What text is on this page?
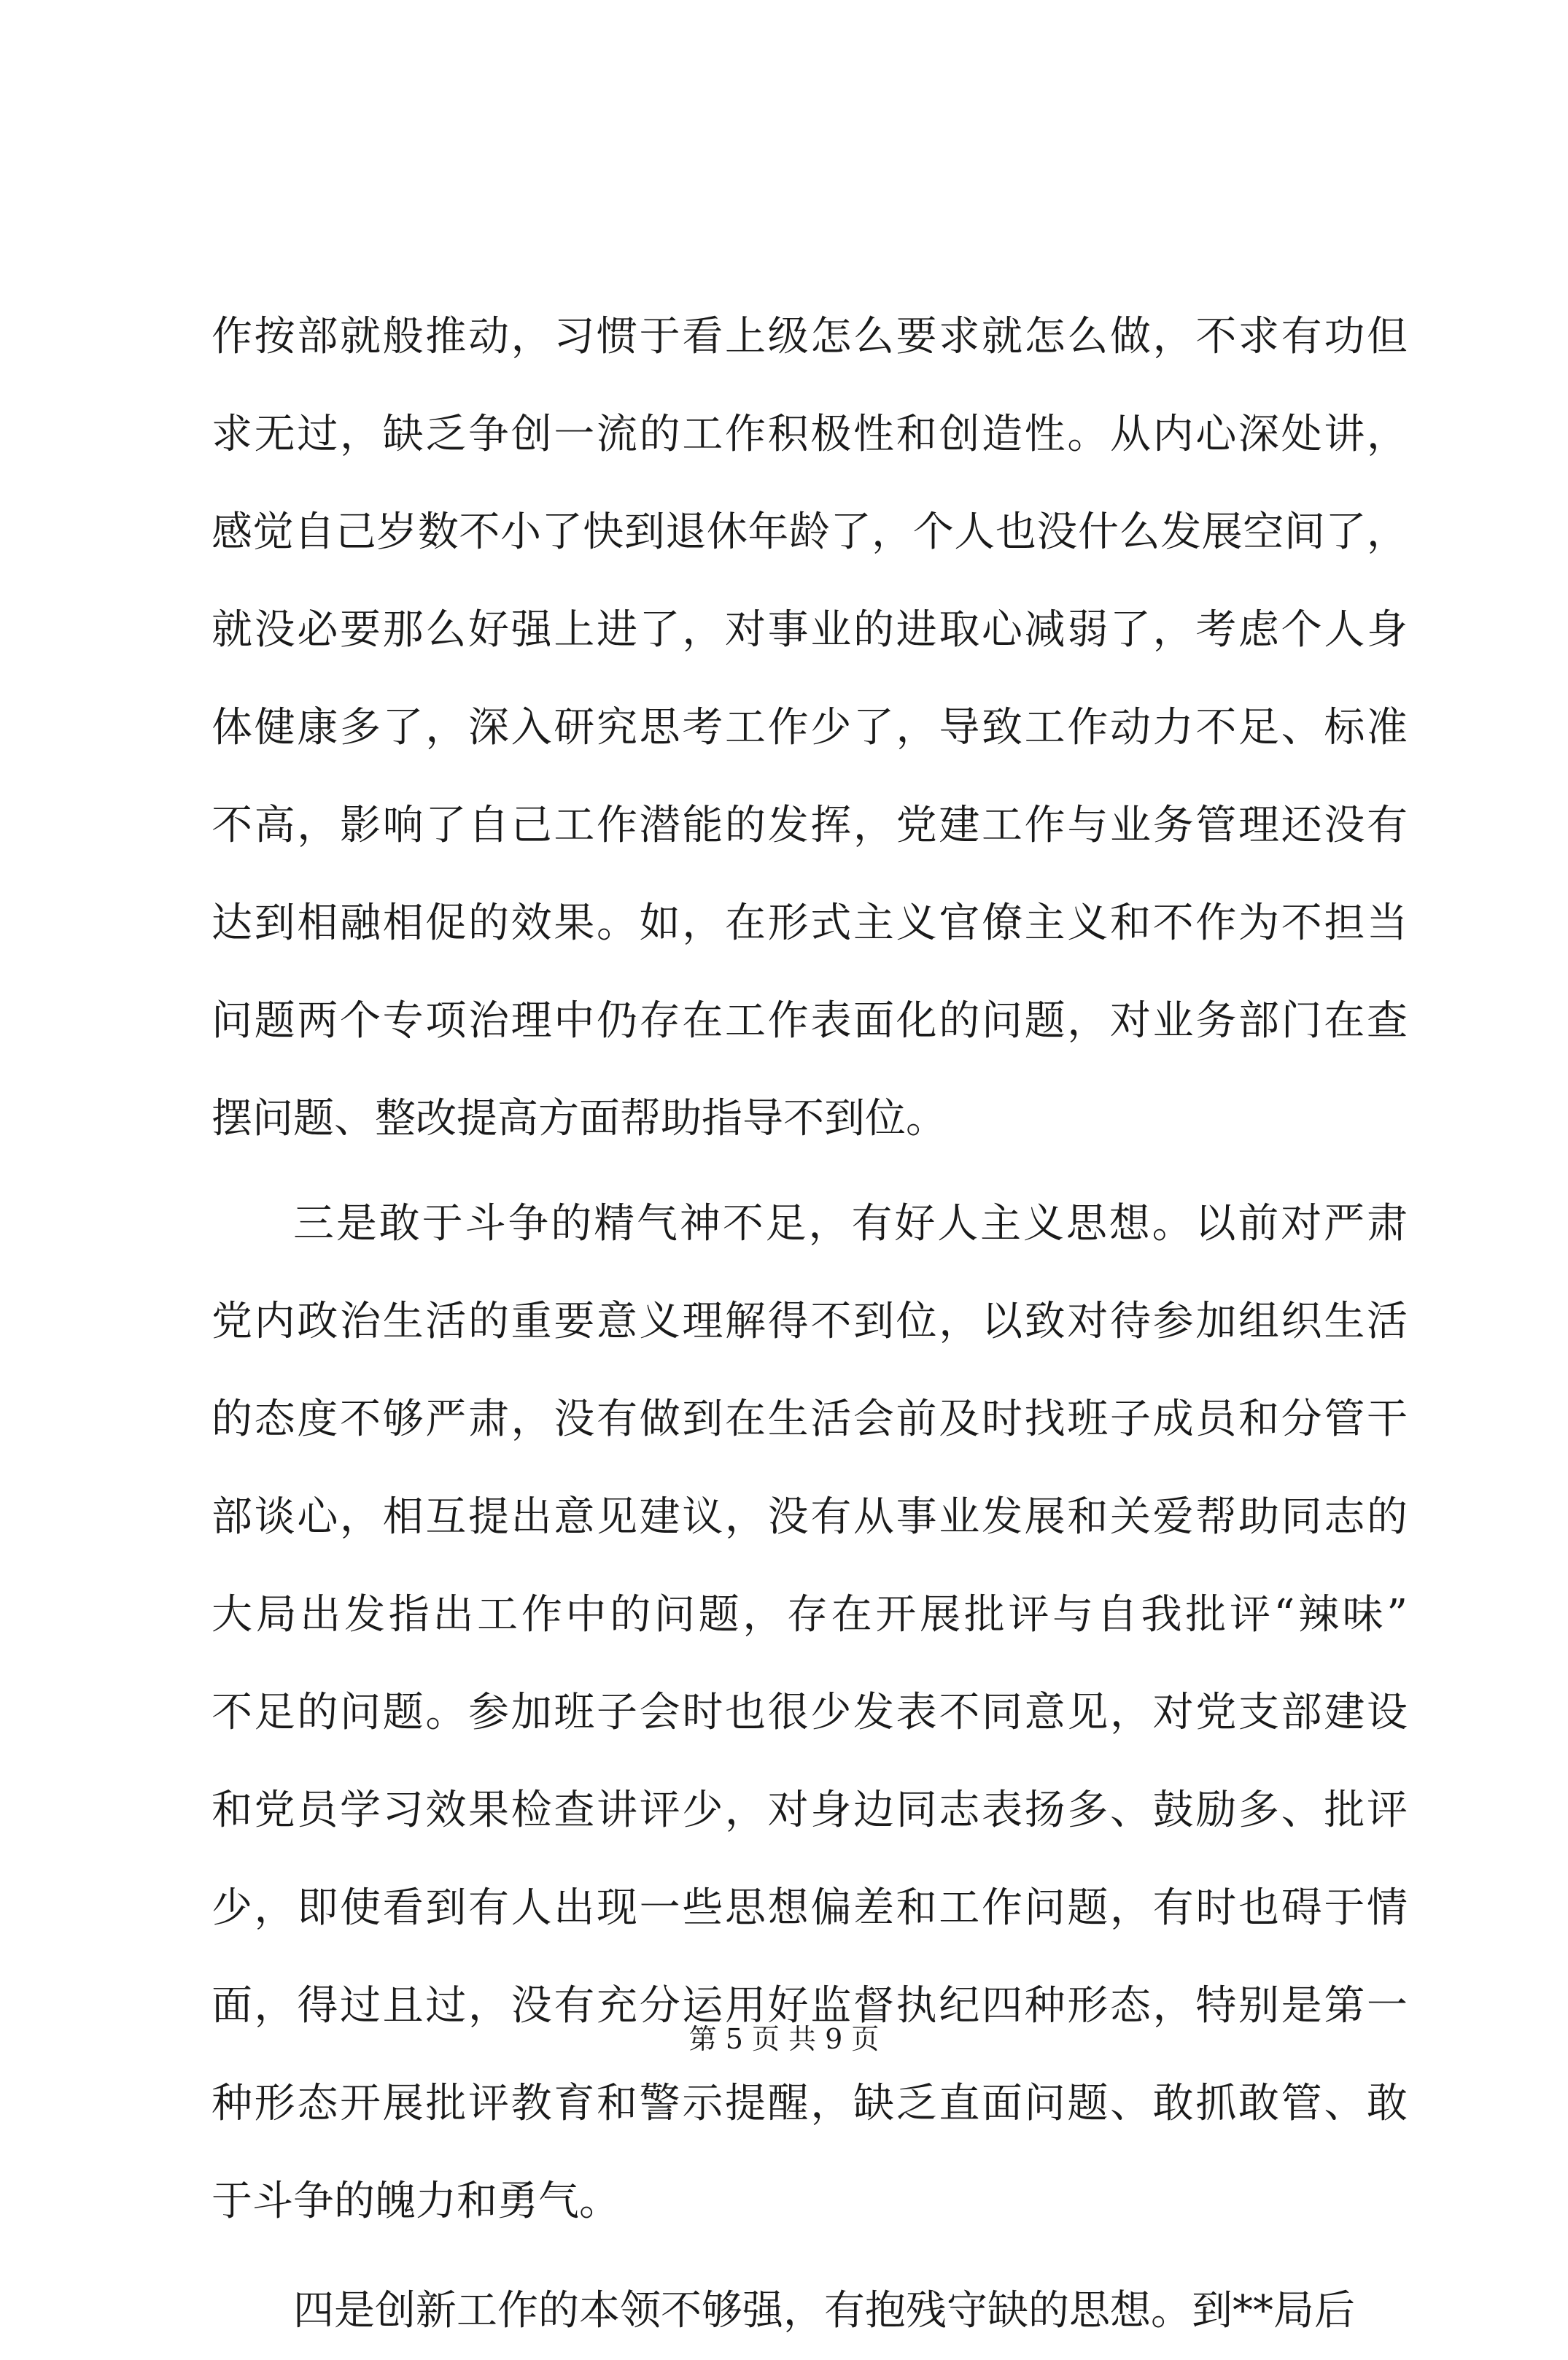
作按部就般推动，习惯于看上级怎么要求就怎么做，不求有功但
求无过，缺乏争创一流的工作积极性和创造性。从内心深处讲，
感觉自己岁数不小了快到退休年龄了，个人也没什么发展空间了，
就没必要那么好强上进了，对事业的进取心减弱了，考虑个人身
体健康多了，深入研究思考工作少了，导致工作动力不足、标准
不高，影响了自己工作潜能的发挥，党建工作与业务管理还没有
达到相融相促的效果。如，在形式主义官僚主义和不作为不担当
问题两个专项治理中仍存在工作表面化的问题，对业务部门在查
摆问题、整改提高方面帮助指导不到位。
三是敢于斗争的精气神不足，有好人主义思想。以前对严肃
党内政治生活的重要意义理解得不到位，以致对待参加组织生活
的态度不够严肃，没有做到在生活会前及时找班子成员和分管干
部谈心，相互提出意见建议，没有从事业发展和关爱帮助同志的
大局出发指出工作中的问题，存在开展批评与自我批评“辣味”
不足的问题。参加班子会时也很少发表不同意见，对党支部建设
和党员学习效果检查讲评少，对身边同志表扬多、鼓励多、批评
少，即使看到有人出现一些思想偏差和工作问题，有时也碍于情
面，得过且过，没有充分运用好监督执纪四种形态，特别是第一
种形态开展批评教育和警示提醒，缺乏直面问题、敢抓敢管、敢
于斗争的魄力和勇气。
四是创新工作的本领不够强，有抱残守缺的思想。到**局后
第 5 页 共 9 页
